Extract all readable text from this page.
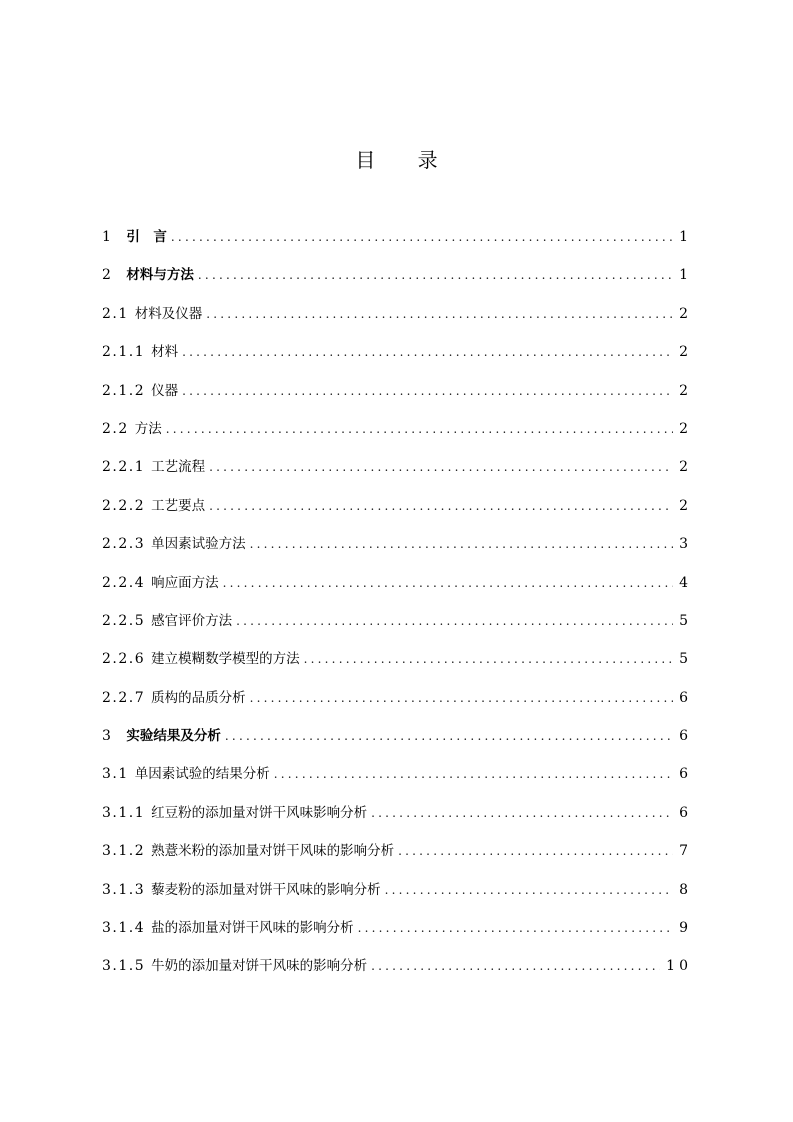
目 录
1	引　言 .....	1
2	材料与方法 .....	1
2.1 材料及仪器 .....	2
2.1.1 材料 .....	2
2.1.2 仪器 .....	2
2.2 方法 .....	2
2.2.1 工艺流程 .....	2
2.2.2 工艺要点 .....	2
2.2.3 单因素试验方法 .....	3
2.2.4 响应面方法 .....	4
2.2.5 感官评价方法 .....	5
2.2.6 建立模糊数学模型的方法 .....	5
2.2.7 质构的品质分析 .....	6
3	实验结果及分析 .....	6
3.1 单因素试验的结果分析 .....	6
3.1.1 红豆粉的添加量对饼干风味影响分析 .....	6
3.1.2 熟薏米粉的添加量对饼干风味的影响分析 .....	7
3.1.3 藜麦粉的添加量对饼干风味的影响分析 .....	8
3.1.4 盐的添加量对饼干风味的影响分析 .....	9
3.1.5 牛奶的添加量对饼干风味的影响分析 .....	10
